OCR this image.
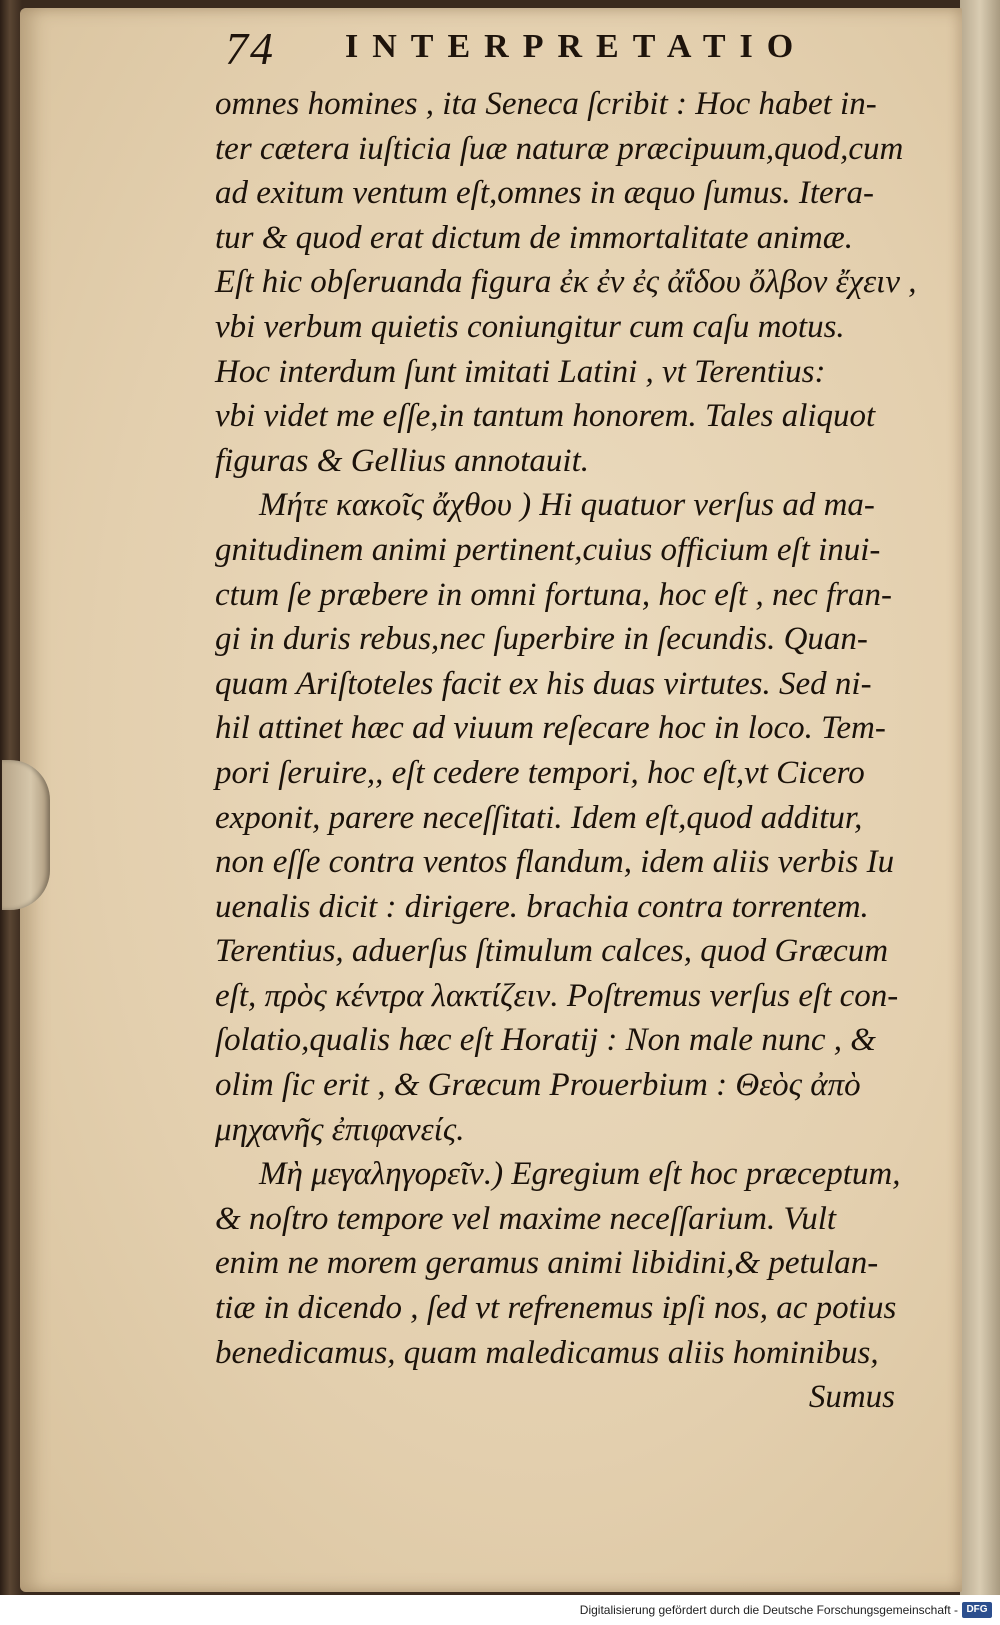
74 INTERPRETATIO
omnes homines , ita Seneca ſcribit : Hoc habet in-
ter cætera iuſticia ſuæ naturæ præcipuum,quod,cum
ad exitum ventum eſt,omnes in æquo ſumus. Itera-
tur & quod erat dictum de immortalitate animæ.
Eſt hic obſeruanda figura ἐκ ἐν ἐς ἀΐδου ὄλβον ἔχειν ,
vbi verbum quietis coniungitur cum caſu motus.
Hoc interdum ſunt imitati Latini , vt Terentius:
vbi videt me eſſe,in tantum honorem. Tales aliquot
figuras & Gellius annotauit.
Μήτε κακοῖς ἄχθου ) Hi quatuor verſus ad ma-
gnitudinem animi pertinent,cuius officium eſt inui-
ctum ſe præbere in omni fortuna, hoc eſt , nec fran-
gi in duris rebus,nec ſuperbire in ſecundis. Quan-
quam Ariſtoteles facit ex his duas virtutes. Sed ni-
hil attinet hæc ad viuum reſecare hoc in loco. Tem-
pori ſeruire,, eſt cedere tempori, hoc eſt,vt Cicero
exponit, parere neceſſitati. Idem eſt,quod additur,
non eſſe contra ventos flandum, idem aliis verbis Iu
uenalis dicit : dirigere. brachia contra torrentem.
Terentius, aduerſus ſtimulum calces, quod Græcum
eſt, πρὸς κέντρα λακτίζειν. Poſtremus verſus eſt con-
ſolatio,qualis hæc eſt Horatij : Non male nunc , &
olim ſic erit , & Græcum Prouerbium : Θεὸς ἀπὸ
μηχανῆς ἐπιφανείς.
Μὴ μεγαληγορεῖν.) Egregium eſt hoc præceptum,
& noſtro tempore vel maxime neceſſarium. Vult
enim ne morem geramus animi libidini,& petulan-
tiæ in dicendo , ſed vt refrenemus ipſi nos, ac potius
benedicamus, quam maledicamus aliis hominibus,
Sumus
Digitalisierung gefördert durch die Deutsche Forschungsgemeinschaft - DFG
